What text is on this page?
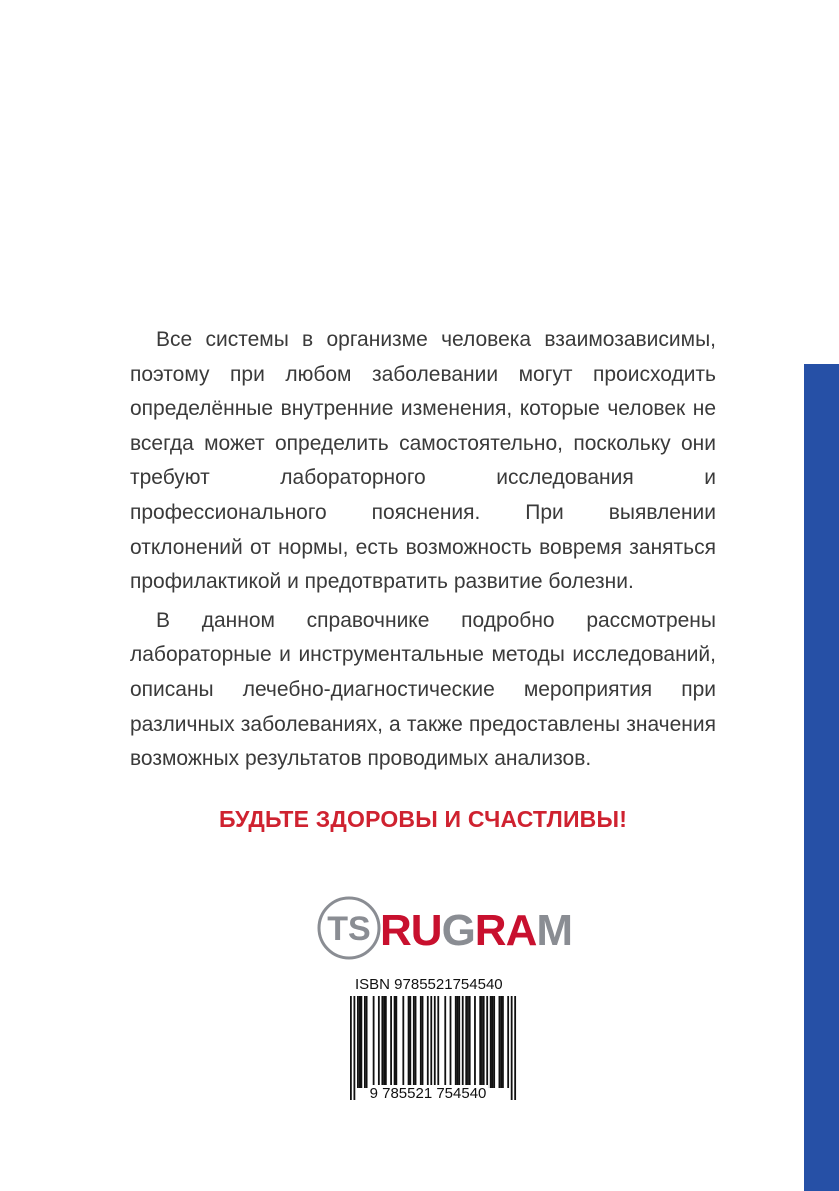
Все системы в организме человека взаимозависимы, поэтому при любом заболевании могут происходить определённые внутренние изменения, которые человек не всегда может определить самостоятельно, поскольку они требуют лабораторного исследования и профессионального пояснения. При выявлении отклонений от нормы, есть возможность вовремя заняться профилактикой и предотвратить развитие болезни.

В данном справочнике подробно рассмотрены лабораторные и инструментальные методы исследований, описаны лечебно-диагностические мероприятия при различных заболеваниях, а также предоставлены значения возможных результатов проводимых анализов.

БУДЬТЕ ЗДОРОВЫ И СЧАСТЛИВЫ!
TS RUGRAM
ISBN 9785521754540
9 785521 754540
